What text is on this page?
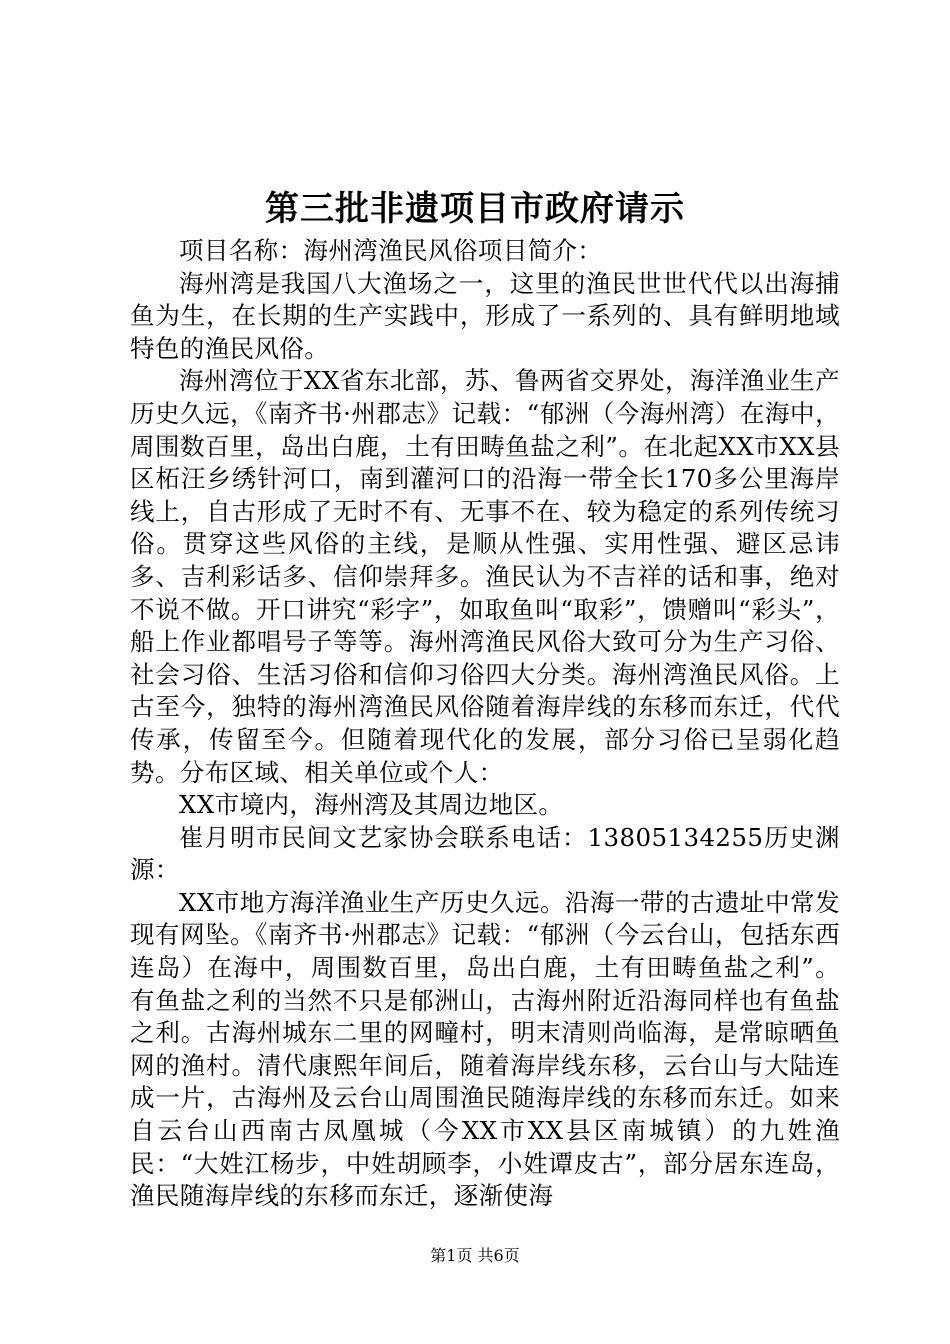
第三批非遗项目市政府请示

项目名称：海州湾渔民风俗项目简介：

海州湾是我国八大渔场之一，这里的渔民世世代代以出海捕鱼为生，在长期的生产实践中，形成了一系列的、具有鲜明地域特色的渔民风俗。

海州湾位于XX省东北部，苏、鲁两省交界处，海洋渔业生产历史久远，《南齐书·州郡志》记载：“郁洲（今海州湾）在海中，周围数百里，岛出白鹿，土有田畴鱼盐之利”。在北起XX市XX县区柘汪乡绣针河口，南到灌河口的沿海一带全长170多公里海岸线上，自古形成了无时不有、无事不在、较为稳定的系列传统习俗。贯穿这些风俗的主线，是顺从性强、实用性强、避区忌讳多、吉利彩话多、信仰崇拜多。渔民认为不吉祥的话和事，绝对不说不做。开口讲究“彩字”，如取鱼叫“取彩”，馈赠叫“彩头”，船上作业都唱号子等等。海州湾渔民风俗大致可分为生产习俗、社会习俗、生活习俗和信仰习俗四大分类。海州湾渔民风俗。上古至今，独特的海州湾渔民风俗随着海岸线的东移而东迁，代代传承，传留至今。但随着现代化的发展，部分习俗已呈弱化趋势。分布区域、相关单位或个人：

XX市境内，海州湾及其周边地区。

崔月明市民间文艺家协会联系电话：13805134255历史渊源：

XX市地方海洋渔业生产历史久远。沿海一带的古遗址中常发现有网坠。《南齐书·州郡志》记载：“郁洲（今云台山，包括东西连岛）在海中，周围数百里，岛出白鹿，土有田畴鱼盐之利”。有鱼盐之利的当然不只是郁洲山，古海州附近沿海同样也有鱼盐之利。古海州城东二里的网疃村，明末清则尚临海，是常晾晒鱼网的渔村。清代康熙年间后，随着海岸线东移，云台山与大陆连成一片，古海州及云台山周围渔民随海岸线的东移而东迁。如来自云台山西南古凤凰城（今XX市XX县区南城镇）的九姓渔民：“大姓江杨步，中姓胡顾李，小姓谭皮古”，部分居东连岛，渔民随海岸线的东移而东迁，逐渐使海

第1页 共6页
